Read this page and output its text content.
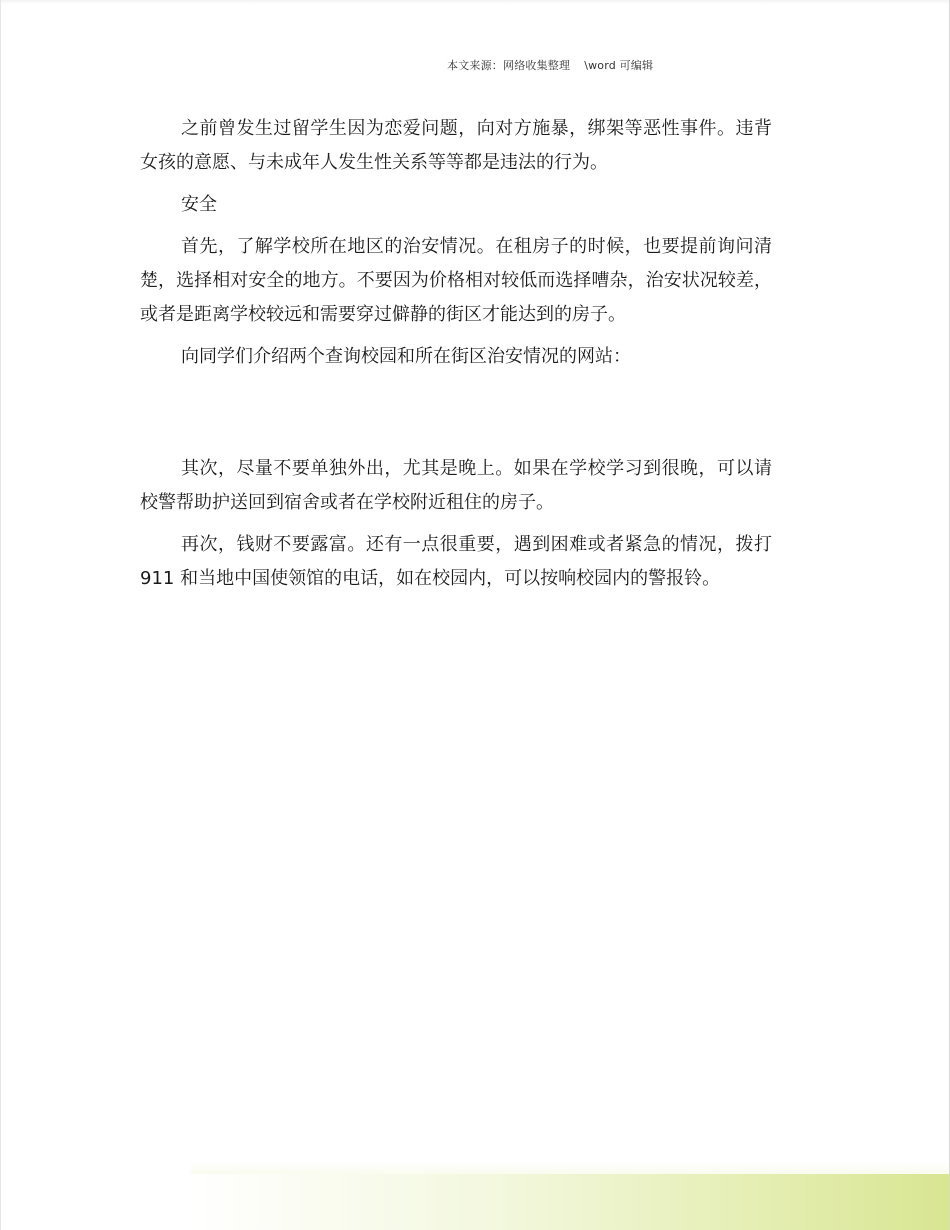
本文来源：网络收集整理 \word 可编辑

之前曾发生过留学生因为恋爱问题，向对方施暴，绑架等恶性事件。违背女孩的意愿、与未成年人发生性关系等等都是违法的行为。

安全

首先，了解学校所在地区的治安情况。在租房子的时候，也要提前询问清楚，选择相对安全的地方。不要因为价格相对较低而选择嘈杂，治安状况较差，或者是距离学校较远和需要穿过僻静的街区才能达到的房子。

向同学们介绍两个查询校园和所在街区治安情况的网站：

其次，尽量不要单独外出，尤其是晚上。如果在学校学习到很晚，可以请校警帮助护送回到宿舍或者在学校附近租住的房子。

再次，钱财不要露富。还有一点很重要，遇到困难或者紧急的情况，拨打 911 和当地中国使领馆的电话，如在校园内，可以按响校园内的警报铃。
